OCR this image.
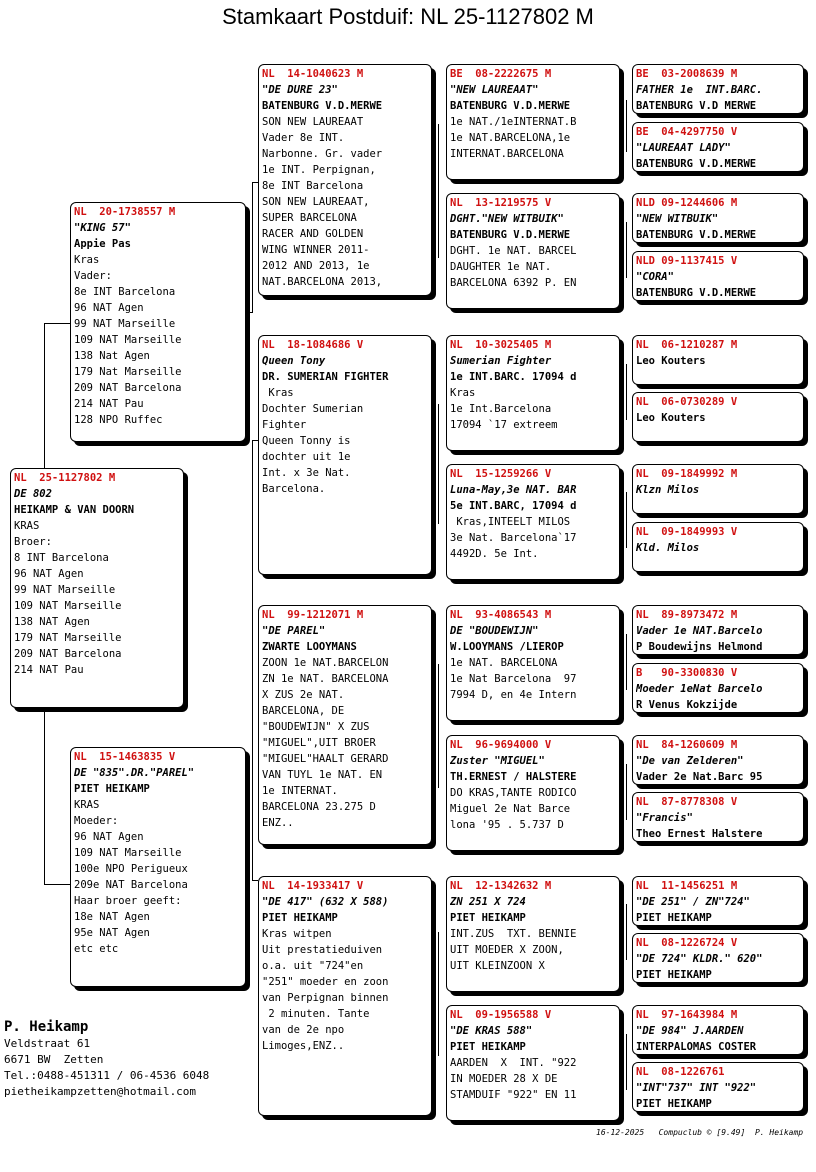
Stamkaart Postduif: NL 25-1127802 M
NL  25-1127802 M
DE 802
HEIKAMP & VAN DOORN
KRAS
Broer:
8 INT Barcelona
96 NAT Agen
99 NAT Marseille
109 NAT Marseille
138 NAT Agen
179 NAT Marseille
209 NAT Barcelona
214 NAT Pau
NL  20-1738557 M
"KING 57"
Appie Pas
Kras
Vader:
8e INT Barcelona
96 NAT Agen
99 NAT Marseille
109 NAT Marseille
138 Nat Agen
179 Nat Marseille
209 NAT Barcelona
214 NAT Pau
128 NPO Ruffec
NL  15-1463835 V
DE "835".DR."PAREL"
PIET HEIKAMP
KRAS
Moeder:
96 NAT Agen
109 NAT Marseille
100e NPO Perigueux
209e NAT Barcelona
Haar broer geeft:
18e NAT Agen
95e NAT Agen
etc etc
NL  14-1040623 M
"DE DURE 23"
BATENBURG V.D.MERWE
SON NEW LAUREAAT
Vader 8e INT.
Narbonne. Gr. vader
1e INT. Perpignan,
8e INT Barcelona
SON NEW LAUREAAT,
SUPER BARCELONA
RACER AND GOLDEN
WING WINNER 2011-
2012 AND 2013, 1e
NAT.BARCELONA 2013,
NL  18-1084686 V
Queen Tony
DR. SUMERIAN FIGHTER
Kras
Dochter Sumerian
Fighter
Queen Tonny is
dochter uit 1e
Int. x 3e Nat.
Barcelona.
NL  99-1212071 M
"DE PAREL"
ZWARTE LOOYMANS
ZOON 1e NAT.BARCELON
ZN 1e NAT. BARCELONA
X ZUS 2e NAT.
BARCELONA, DE
"BOUDEWIJN" X ZUS
"MIGUEL",UIT BROER
"MIGUEL"HAALT GERARD
VAN TUYL 1e NAT. EN
1e INTERNAT.
BARCELONA 23.275 D
ENZ..
NL  14-1933417 V
"DE 417" (632 X 588)
PIET HEIKAMP
Kras witpen
Uit prestatieduiven
o.a. uit "724"en
"251" moeder en zoon
van Perpignan binnen
2 minuten. Tante
van de 2e npo
Limoges,ENZ..
BE  08-2222675 M
"NEW LAUREAAT"
BATENBURG V.D.MERWE
1e NAT./1eINTERNAT.B
1e NAT.BARCELONA,1e
INTERNAT.BARCELONA
NL  13-1219575 V
DGHT."NEW WITBUIK"
BATENBURG V.D.MERWE
DGHT. 1e NAT. BARCEL
DAUGHTER 1e NAT.
BARCELONA 6392 P. EN
NL  10-3025405 M
Sumerian Fighter
1e INT.BARC. 17094 d
Kras
1e Int.Barcelona
17094 `17 extreem
NL  15-1259266 V
Luna-May,3e NAT. BAR
5e INT.BARC, 17094 d
Kras,INTEELT MILOS
3e Nat. Barcelona`17
4492D. 5e Int.
NL  93-4086543 M
DE "BOUDEWIJN"
W.LOOYMANS /LIEROP
1e NAT. BARCELONA
1e Nat Barcelona  97
7994 D, en 4e Intern
NL  96-9694000 V
Zuster "MIGUEL"
TH.ERNEST / HALSTERE
DO KRAS,TANTE RODICO
Miguel 2e Nat Barce
lona '95 . 5.737 D
NL  12-1342632 M
ZN 251 X 724
PIET HEIKAMP
INT.ZUS  TXT. BENNIE
UIT MOEDER X ZOON,
UIT KLEINZOON X
NL  09-1956588 V
"DE KRAS 588"
PIET HEIKAMP
AARDEN  X  INT. "922
IN MOEDER 28 X DE
STAMDUIF "922" EN 11
BE  03-2008639 M
FATHER 1e  INT.BARC.
BATENBURG V.D MERWE
BE  04-4297750 V
"LAUREAAT LADY"
BATENBURG V.D.MERWE
NLD 09-1244606 M
"NEW WITBUIK"
BATENBURG V.D.MERWE
NLD 09-1137415 V
"CORA"
BATENBURG V.D.MERWE
NL  06-1210287 M
Leo Kouters
NL  06-0730289 V
Leo Kouters
NL  09-1849992 M
Klzn Milos
NL  09-1849993 V
Kld. Milos
NL  89-8973472 M
Vader 1e NAT.Barcelo
P Boudewijns Helmond
B   90-3300830 V
Moeder 1eNat Barcelo
R Venus Kokzijde
NL  84-1260609 M
"De van Zelderen"
Vader 2e Nat.Barc 95
NL  87-8778308 V
"Francis"
Theo Ernest Halstere
NL  11-1456251 M
"DE 251" / ZN"724"
PIET HEIKAMP
NL  08-1226724 V
"DE 724" KLDR." 620"
PIET HEIKAMP
NL  97-1643984 M
"DE 984" J.AARDEN
INTERPALOMAS COSTER
NL  08-1226761
"INT"737" INT "922"
PIET HEIKAMP
P. Heikamp
Veldstraat 61
6671 BW  Zetten
Tel.:0488-451311 / 06-4536 6048
pietheikampzetten@hotmail.com
16-12-2025   Compuclub © [9.49]  P. Heikamp
